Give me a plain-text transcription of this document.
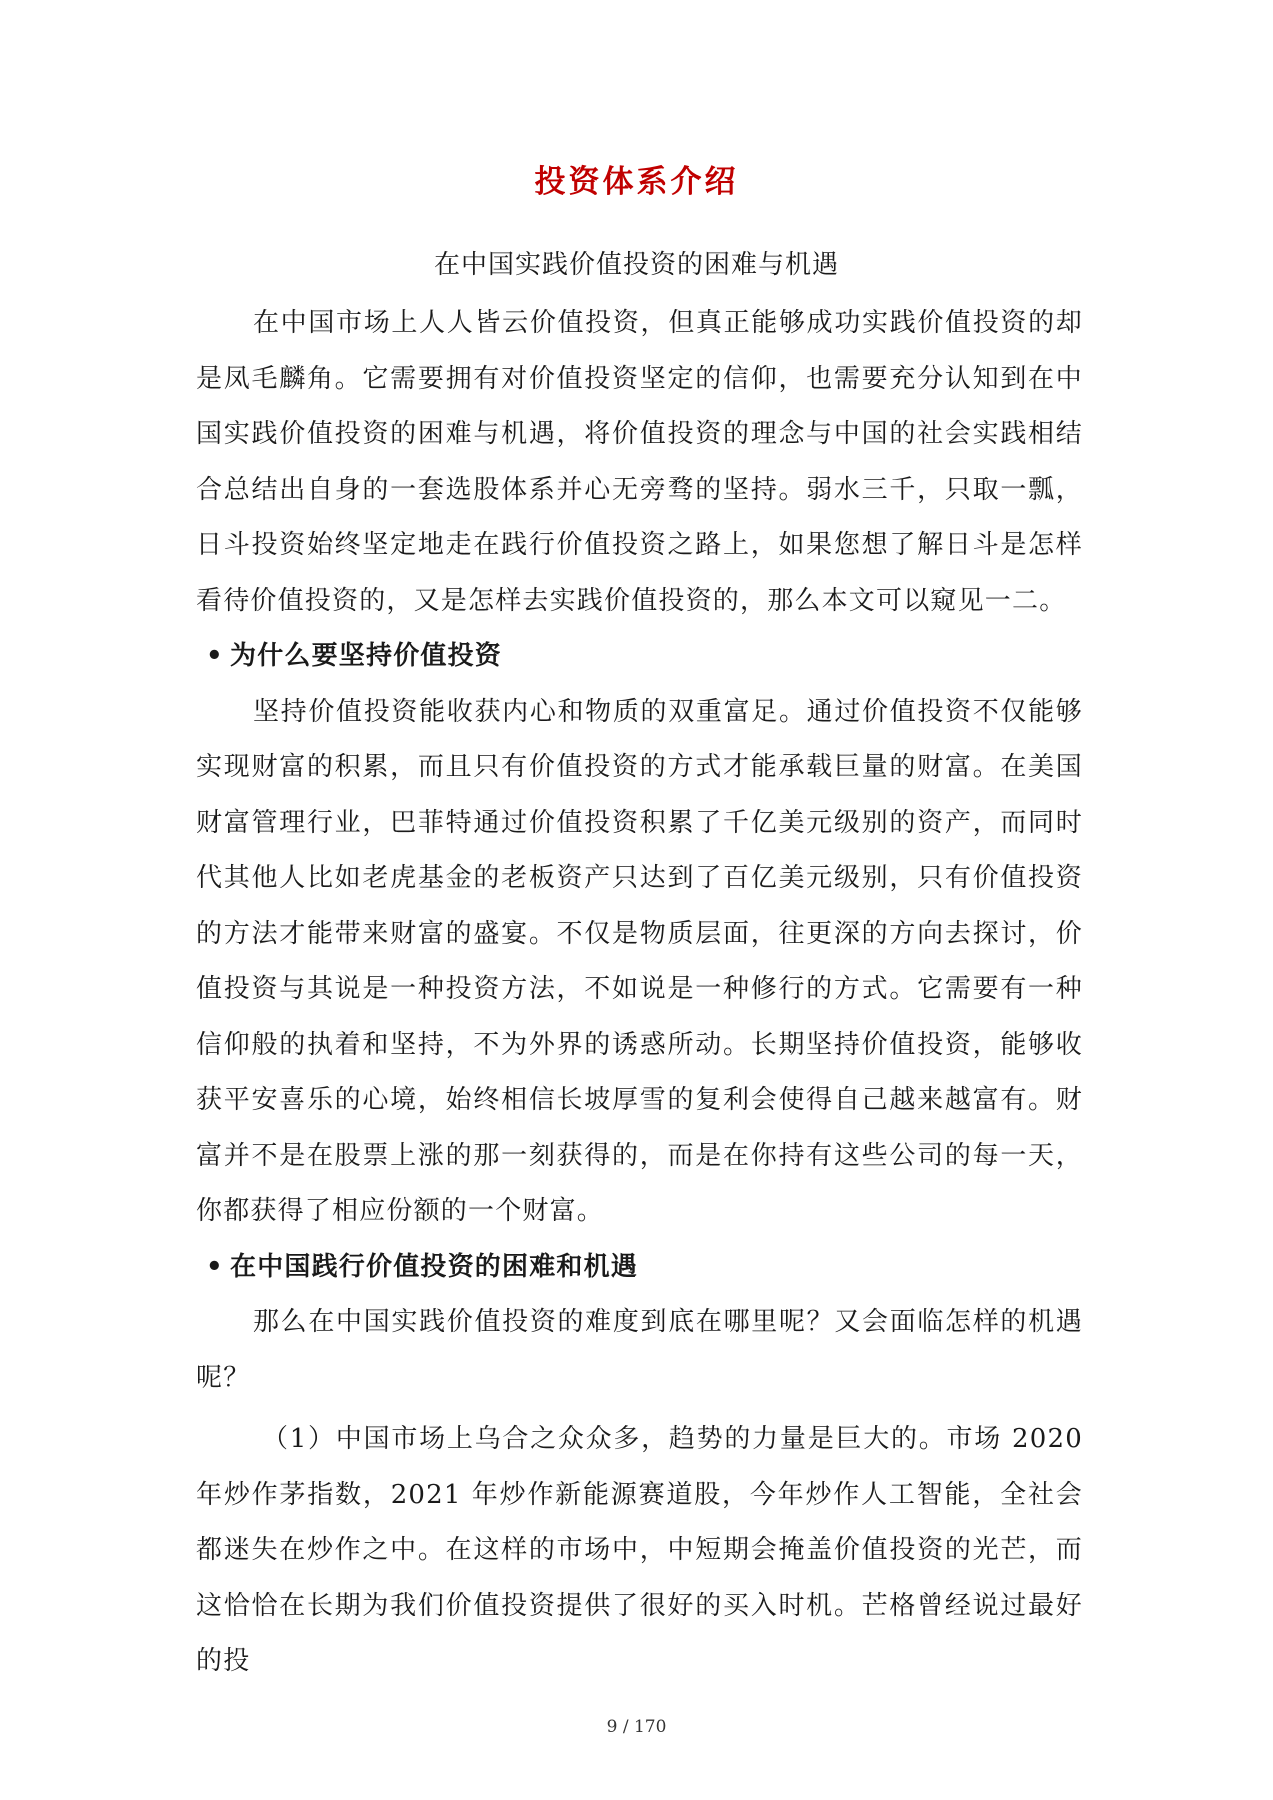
投资体系介绍
在中国实践价值投资的困难与机遇

在中国市场上人人皆云价值投资，但真正能够成功实践价值投资的却是凤毛麟角。它需要拥有对价值投资坚定的信仰，也需要充分认知到在中国实践价值投资的困难与机遇，将价值投资的理念与中国的社会实践相结合总结出自身的一套选股体系并心无旁骛的坚持。弱水三千，只取一瓢，日斗投资始终坚定地走在践行价值投资之路上，如果您想了解日斗是怎样看待价值投资的，又是怎样去实践价值投资的，那么本文可以窥见一二。

• 为什么要坚持价值投资

坚持价值投资能收获内心和物质的双重富足。通过价值投资不仅能够实现财富的积累，而且只有价值投资的方式才能承载巨量的财富。在美国财富管理行业，巴菲特通过价值投资积累了千亿美元级别的资产，而同时代其他人比如老虎基金的老板资产只达到了百亿美元级别，只有价值投资的方法才能带来财富的盛宴。不仅是物质层面，往更深的方向去探讨，价值投资与其说是一种投资方法，不如说是一种修行的方式。它需要有一种信仰般的执着和坚持，不为外界的诱惑所动。长期坚持价值投资，能够收获平安喜乐的心境，始终相信长坡厚雪的复利会使得自己越来越富有。财富并不是在股票上涨的那一刻获得的，而是在你持有这些公司的每一天，你都获得了相应份额的一个财富。

• 在中国践行价值投资的困难和机遇

那么在中国实践价值投资的难度到底在哪里呢？又会面临怎样的机遇呢？

（1）中国市场上乌合之众众多，趋势的力量是巨大的。市场 2020 年炒作茅指数，2021 年炒作新能源赛道股，今年炒作人工智能，全社会都迷失在炒作之中。在这样的市场中，中短期会掩盖价值投资的光芒，而这恰恰在长期为我们价值投资提供了很好的买入时机。芒格曾经说过最好的投

9 / 170
